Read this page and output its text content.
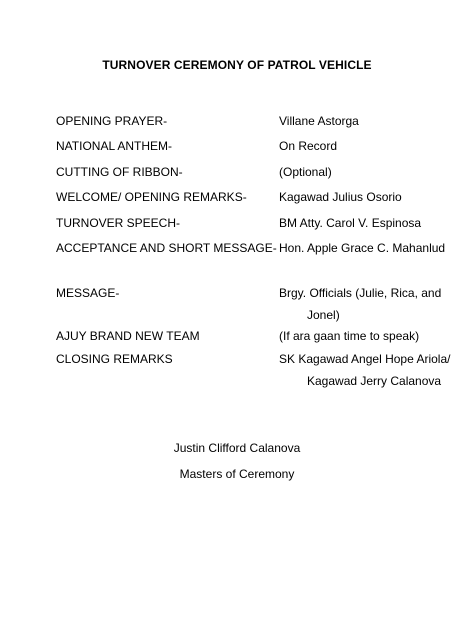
TURNOVER CEREMONY OF PATROL VEHICLE
OPENING PRAYER-	Villane Astorga
NATIONAL ANTHEM-	On Record
CUTTING OF RIBBON-	(Optional)
WELCOME/ OPENING REMARKS-	Kagawad Julius Osorio
TURNOVER SPEECH-	BM Atty. Carol V. Espinosa
ACCEPTANCE AND SHORT MESSAGE- Hon. Apple Grace C. Mahanlud
MESSAGE-	Brgy. Officials (Julie, Rica, and Jonel)
AJUY BRAND NEW TEAM	(If ara gaan time to speak)
CLOSING REMARKS	SK Kagawad Angel Hope Ariola/ Kagawad Jerry Calanova
Justin Clifford Calanova
Masters of Ceremony
